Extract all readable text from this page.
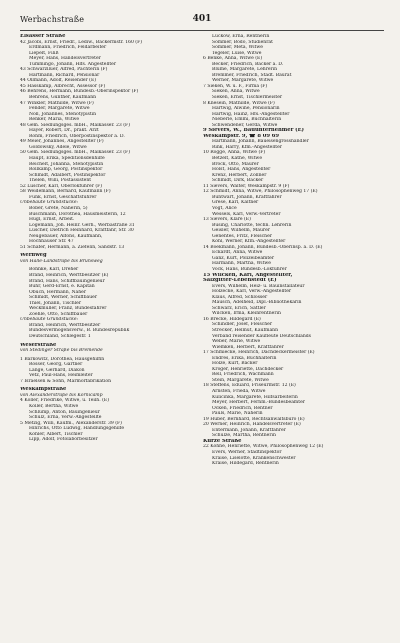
Werbachstraße	401
Elsässer Straße
42 Jacobi, Ernst, Friedr., Lediw., Bäckermstr. 160 (F)
Erdmann, Friedrich, Feldarbeiter
Liepelt, Filiß
Meyer, Hans, Handelsvertreter
Tummingo, Johann, Hlfs. Angestellter
43 Schwarzlluer, Alfred, Pächterin (F)
Hartmann, Richard, Pensionär
44 Ollmann, Adolf, Reisender (E)
45 Hasskamp, Albrecht, Assessor (F)
46 Behrens, Hermann, Bundesb.-Oberinspektor (F)
Behrens, Gunther, Kaufmann
47 Winkler, Mathilde, Witwe (F)
Fender, Margarete, Witwe
Noll, Johannes, Stenotypistin
Renker, Maria, Witwe
48 Gem. Siedlungsges. mbH., Malkasser. 23 (F)
Hayer, Robert, Dr., prakt. Arzt
Rohm, Friedrich, Oberpostinspektor a. D.
49 Meier, Johannes, Angestellter (F)
Goldowsky, Adele, Witwe
50 Gem. Siedlungsges. mbH., Malkasser. 23 (F)
Haupt, Erika, Speditionsdenhilfe
Reichelt, Johanna, Stenotypistin
Rollkamp, Georg, Postinspektor
Schmidt, Adalbert, Postinspektor
Thelen, Willi, Postassistent
52 Lüscher, Karl, Oberlokführer (F)
58 Weidemann, Bernard, Kaufmann (F)
Funk, Ernst, Geschäftsführer
Unbebaute Grundstücke:
Bober, Grete, Näherin, 5)
Buschmann, Dorothea, Hausmeisterin, 12
Hügl, Ernst, Arbeit.
Logemann, Joh. Heinr. Gerh., Werbastraße 31
Lüscher, Dietrich Heinhard, Kraftfahr, Str. 30
Neugebauer, Alfons, Kaufmann,
Hochhauser Str. 47
51 Schäfer, Hermann, a. Ziefelin, Sandstr. 13
Werfiweg
von Halle-Landstraße bis Brunsweg
Bohnke, Karl, Dreher
Brand, Heinrich, Werftbesitzer (E)
Brand, Hans, Schiffbauingenieur
Buhr, Gerd-Ernst, e. Kapitän
Obuch, Hermann, Näher
Schmidt, Werner, Schiffbauer
Thiel, Johann, Tischler
Weckmüller, Franz, Bundesfahrer
Zoehle, Otto, Schiffbauer
Unbebaute Grundstücke:
Brand, Heinrich, Werftbesitzer
Bundesvermögensverw., B. Bundesrepublik
Deutschland, Schlegestr. 1
Weserstraße
von Stedinger Straße bis Bremende
1 Barkowitz, Dorothea, Hausgehilfin
Rosser, Georg, Gärtner
Lange, Gerhard, Diakon
Vetz, Paul-Hans, Heimleiter
7 Israelsen & Sohn, Marmorfabrikation
Weskampstraße
von Alexanderstraße bis Körnicamp
4 Köller, Friedrike, Witwe, u. Teilh. (E)
Köller, Bertha, Witwe
Schlump, Anton, Bauingenieur
Schulz, Erna, Verw.-Angestellte
5 Metzig, Willi, Kaufm., Alexanderstr. 39 (F)
Hinrichs, Otto Ludwig, Handlungsgehilfe
Köhler, Albert, Tischler
Lipp, Adolf, Fotolaborbesitzer
Luckow, Erna, Rentnerin
Sommer, Bodo, Studienrat
Sommer, Meta, Witwe
Tegeler, Luise, Witwe
6 Benke, Anna, Witwe (E)
Becker, Friedrich, Bäcker a. D.
Blume, Margarete, Lehrerin
Bremmer, Friedrich, Stadt. Baurat
Werner, Margarete, Witwe
7 Sieken, W. u. F., Firma (F)
Sieken, Anna, Witwe
Sieken, Ernst, Tischlermeister
8 Knesein, Mathilde, Witwe (F)
Hartwig, Alwine, Pensionärin
Hartwig, Hainz, Hfs.-Angestellter
Nieberle, Emmi, Buchhalterin
Schwendener, Gerda, Witwe
9 Sievers, W., Bauunternehmer (E)
Weskampstr. 9, ☎ 8 09 69
Hartmann, Johann, Baueisengrosshändler
Rink, Harry, Kfm.-Angestellter
10 Rogge, Anna, Witwe (F)
Betzelt, Käthe, Witwe
Brock, Otto, Maurer
Holst, Hans, Angestellter
Krenz, Herbert, Zöllner
Schmidt, Dirk, Bäcker
11 Sievers, Walter, Weskampstr. 9 (F)
12 Schmidt, Anna, Witwe, Philosophenweg 17 (E)
Buntwart, Johann, Kraftfahrer
Grese, Karl, Kaltner
Vogt, Alice
Wessels, Karl, Verw.-Vertreter
13 Sievers, Kläre (E)
Büsing, Charlotte, techn. Lehrerin
Geisler, Wilhelm, Maurer
Genehtes, Fritz, Fleischer
Köhl, Werner, Kfm.-Angestellter
14 Boekmann, Johann, Bundesb.-Oberinsp. a. D. (E)
Eckardt, Anna, Witwe
Ganz, Kurt, Polizeibeamter
Harmann, Martha, Witwe
Vock, Hans, Bundesb.-Lokführer
15 Wilcken, Karl, Angestellter,
Salzgitter-Lebenstedt (E)
Evers, Wilhelm, Heiz- u. Bauinstallateur
Holzecke, Karl, Verw.-Angestellter
Klaus, Alfred, Schlosser
Mausch, Adelheid, Dipl.-Bibliothekarin
Schwarz, Erich, Sattler
Wilcken, Irma, Kleinrentnerin
16 Brecke, Hildegard (E)
Schindler, Josef, Fleischer
Strecker, Helmut, Kaufmann
Verband reisender Kaufleute Deutschlands
Weber, Marie, Witwe
Wiemken, Herbert, Kraftfahrer
17 Schmiecke, Heinrich, Dachdeckermeister (E)
Endres, Erika, Buchhalterin
Hölze, Kurt, Bäcker
Kröger, Henriette, Dachdecker
Rell, Friedrich, Wachmann
Stein, Margarete, Witwe
18 Steffens, Eduard, Friseurmstr. 12 (E)
Arnsten, Frieda, Witwe
Kulicinka, Margarete, Hilfsarbeiterin
Meyer, Herbert, Fernm.-Bundesbeamter
Ocken, Friedrich, Rentner
Pauls, Marie, Näherin
19 Huber, Bernhard, Rechtsanwaltsbüro (E)
20 Werner, Heinrich, Handelsvertreter (E)
Entermann, Johann, Kraftfahrer
Schulze, Martha, Rentnerin
Kurze Straße
22 Köhne, Henriette, Witwe, Philosophenweg 12 (E)
Evers, Werner, Stadtinspektor
Kraise, Liselotte, Krankenschwester
Kraise, Hildegard, Rentnerin
